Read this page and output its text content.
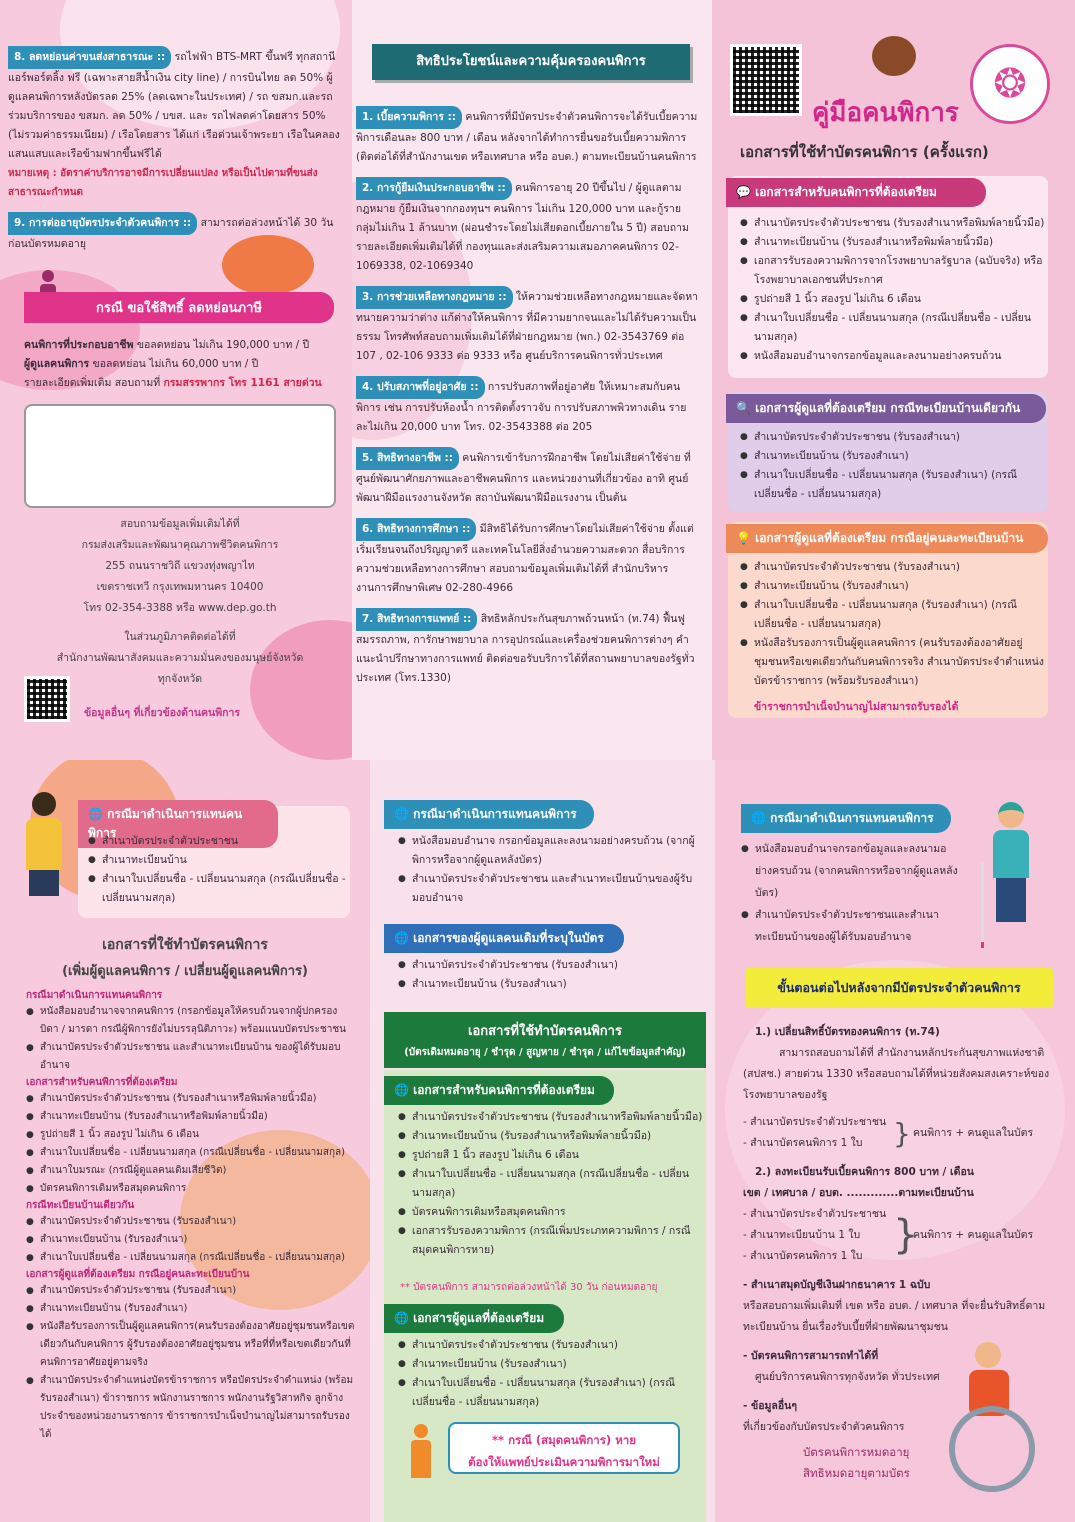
8. ลดหย่อนค่าขนส่งสาธารณะ :: รถไฟฟ้า BTS-MRT ขึ้นฟรี ทุกสถานี แอร์พอร์ตลิ้ง ฟรี (เฉพาะสายสีน้ำเงิน city line) / การบินไทย ลด 50% ผู้ดูแลคนพิการหลังบัตรลด 25% (ลดเฉพาะในประเทศ) / รถ ขสมก.และรถร่วมบริการของ ขสมก. ลด 50% / บขส. และ รถไฟลดค่าโดยสาร 50% (ไม่รวมค่าธรรมเนียม) / เรือโดยสาร ได้แก่ เรือด่วนเจ้าพระยา เรือในคลองแสนแสบและเรือข้ามฟากขึ้นฟรีได้
หมายเหตุ : อัตราค่าบริการอาจมีการเปลี่ยนแปลง หรือเป็นไปตามที่ขนส่งสาธารณะกำหนด
9. การต่ออายุบัตรประจำตัวคนพิการ :: สามารถต่อล่วงหน้าได้ 30 วัน ก่อนบัตรหมดอายุ
กรณี ขอใช้สิทธิ์ ลดหย่อนภาษี
คนพิการที่ประกอบอาชีพ ขอลดหย่อน ไม่เกิน 190,000 บาท / ปี
ผู้ดูแลคนพิการ ขอลดหย่อน ไม่เกิน 60,000 บาท / ปี
รายละเอียดเพิ่มเติม สอบถามที่ กรมสรรพากร โทร 1161 สายด่วน
สอบถามข้อมูลเพิ่มเติมได้ที่
กรมส่งเสริมและพัฒนาคุณภาพชีวิตคนพิการ
255 ถนนราชวิถี แขวงทุ่งพญาไท
เขตราชเทวี กรุงเทพมหานคร 10400
โทร 02-354-3388 หรือ www.dep.go.th
ในส่วนภูมิภาคติดต่อได้ที่
สำนักงานพัฒนาสังคมและความมั่นคงของมนุษย์จังหวัด
ทุกจังหวัด
ข้อมูลอื่นๆ ที่เกี่ยวข้องด้านคนพิการ
สิทธิประโยชน์และความคุ้มครองคนพิการ
1. เบี้ยความพิการ :: คนพิการที่มีบัตรประจำตัวคนพิการจะได้รับเบี้ยความพิการเดือนละ 800 บาท / เดือน หลังจากได้ทำการยื่นขอรับเบี้ยความพิการ (ติดต่อได้ที่สำนักงานเขต หรือเทศบาล หรือ อบต.) ตามทะเบียนบ้านคนพิการ
2. การกู้ยืมเงินประกอบอาชีพ :: คนพิการอายุ 20 ปีขึ้นไป / ผู้ดูแลตามกฎหมาย กู้ยืมเงินจากกองทุนฯ คนพิการ ไม่เกิน 120,000 บาท และกู้รายกลุ่มไม่เกิน 1 ล้านบาท (ผ่อนชำระโดยไม่เสียดอกเบี้ยภายใน 5 ปี) สอบถามรายละเอียดเพิ่มเติมได้ที่ กองทุนและส่งเสริมความเสมอภาคคนพิการ 02-1069338, 02-1069340
3. การช่วยเหลือทางกฎหมาย :: ให้ความช่วยเหลือทางกฎหมายและจัดหาทนายความว่าต่าง แก้ต่างให้คนพิการ ที่มีความยากจนและไม่ได้รับความเป็นธรรม โทรศัพท์สอบถามเพิ่มเติมได้ที่ฝ่ายกฎหมาย (พก.) 02-3543769 ต่อ 107 , 02-106 9333 ต่อ 9333 หรือ ศูนย์บริการคนพิการทั่วประเทศ
4. ปรับสภาพที่อยู่อาศัย :: การปรับสภาพที่อยู่อาศัย ให้เหมาะสมกับคนพิการ เช่น การปรับห้องน้ำ การติดตั้งราวจับ การปรับสภาพพิวทางเดิน รายละไม่เกิน 20,000 บาท โทร. 02-3543388 ต่อ 205
5. สิทธิทางอาชีพ :: คนพิการเข้ารับการฝึกอาชีพ โดยไม่เสียค่าใช้จ่าย ที่ศูนย์พัฒนาศักยภาพและอาชีพคนพิการ และหน่วยงานที่เกี่ยวข้อง อาทิ ศูนย์พัฒนาฝีมือแรงงานจังหวัด สถาบันพัฒนาฝีมือแรงงาน เป็นต้น
6. สิทธิทางการศึกษา :: มีสิทธิได้รับการศึกษาโดยไม่เสียค่าใช้จ่าย ตั้งแต่เริ่มเรียนจนถึงปริญญาตรี และเทคโนโลยีสิ่งอำนวยความสะดวก สื่อบริการความช่วยเหลือทางการศึกษา สอบถามข้อมูลเพิ่มเติมได้ที่ สำนักบริหารงานการศึกษาพิเศษ 02-280-4966
7. สิทธิทางการแพทย์ :: สิทธิหลักประกันสุขภาพถ้วนหน้า (ท.74) ฟื้นฟูสมรรถภาพ, การักษาพยาบาล การอุปกรณ์และเครื่องช่วยคนพิการต่างๆ คำแนะนำปรึกษาทางการแพทย์ ติดต่อขอรับบริการได้ที่สถานพยาบาลของรัฐทั่วประเทศ (โทร.1330)
❂
คู่มือคนพิการ
เอกสารที่ใช้ทำบัตรคนพิการ (ครั้งแรก)
💬 เอกสารสำหรับคนพิการที่ต้องเตรียม
● สำเนาบัตรประจำตัวประชาชน (รับรองสำเนาหรือพิมพ์ลายนิ้วมือ)
● สำเนาทะเบียนบ้าน (รับรองสำเนาหรือพิมพ์ลายนิ้วมือ)
● เอกสารรับรองความพิการจากโรงพยาบาลรัฐบาล (ฉบับจริง) หรือ โรงพยาบาลเอกชนที่ประกาศ
● รูปถ่ายสี 1 นิ้ว สองรูป ไม่เกิน 6 เดือน
● สำเนาใบเปลี่ยนชื่อ - เปลี่ยนนามสกุล (กรณีเปลี่ยนชื่อ - เปลี่ยนนามสกุล)
● หนังสือมอบอำนาจกรอกข้อมูลและลงนามอย่างครบถ้วน
🔍 เอกสารผู้ดูแลที่ต้องเตรียม กรณีทะเบียนบ้านเดียวกัน
● สำเนาบัตรประจำตัวประชาชน (รับรองสำเนา)
● สำเนาทะเบียนบ้าน (รับรองสำเนา)
● สำเนาใบเปลี่ยนชื่อ - เปลี่ยนนามสกุล (รับรองสำเนา) (กรณีเปลี่ยนชื่อ - เปลี่ยนนามสกุล)
💡 เอกสารผู้ดูแลที่ต้องเตรียม กรณีอยู่คนละทะเบียนบ้าน
● สำเนาบัตรประจำตัวประชาชน (รับรองสำเนา)
● สำเนาทะเบียนบ้าน (รับรองสำเนา)
● สำเนาใบเปลี่ยนชื่อ - เปลี่ยนนามสกุล (รับรองสำเนา) (กรณีเปลี่ยนชื่อ - เปลี่ยนนามสกุล)
● หนังสือรับรองการเป็นผู้ดูแลคนพิการ (คนรับรองต้องอาศัยอยู่ชุมชนหรือเขตเดียวกันกับคนพิการจริง สำเนาบัตรประจำตำแหน่งบัตรข้าราชการ (พร้อมรับรองสำเนา)
ข้าราชการบำเน็จบำนาญไม่สามารถรับรองได้
🌐 กรณีมาดำเนินการแทนคนพิการ
● สำเนาบัตรประจำตัวประชาชน
● สำเนาทะเบียนบ้าน
● สำเนาใบเปลี่ยนชื่อ - เปลี่ยนนามสกุล (กรณีเปลี่ยนชื่อ - เปลี่ยนนามสกุล)
เอกสารที่ใช้ทำบัตรคนพิการ
(เพิ่มผู้ดูแลคนพิการ / เปลี่ยนผู้ดูแลคนพิการ)
กรณีมาดำเนินการแทนคนพิการ
● หนังสือมอบอำนาจจากคนพิการ (กรอกข้อมูลให้ครบถ้วนจากผู้ปกครอง บิดา / มารดา กรณีผู้พิการยังไม่บรรลุนิติภาวะ) พร้อมแนบบัตรประชาชน
● สำเนาบัตรประจำตัวประชาชน และสำเนาทะเบียนบ้าน ของผู้ได้รับมอบอำนาจ
เอกสารสำหรับคนพิการที่ต้องเตรียม
● สำเนาบัตรประจำตัวประชาชน (รับรองสำเนาหรือพิมพ์ลายนิ้วมือ)
● สำเนาทะเบียนบ้าน (รับรองสำเนาหรือพิมพ์ลายนิ้วมือ)
● รูปถ่ายสี 1 นิ้ว สองรูป ไม่เกิน 6 เดือน
● สำเนาใบเปลี่ยนชื่อ - เปลี่ยนนามสกุล (กรณีเปลี่ยนชื่อ - เปลี่ยนนามสกุล)
● สำเนาใบมรณะ (กรณีผู้ดูแลคนเดิมเสียชีวิต)
● บัตรคนพิการเดิมหรือสมุดคนพิการ
กรณีทะเบียนบ้านเดียวกัน
● สำเนาบัตรประจำตัวประชาชน (รับรองสำเนา)
● สำเนาทะเบียนบ้าน (รับรองสำเนา)
● สำเนาใบเปลี่ยนชื่อ - เปลี่ยนนามสกุล (กรณีเปลี่ยนชื่อ - เปลี่ยนนามสกุล)
เอกสารผู้ดูแลที่ต้องเตรียม กรณีอยู่คนละทะเบียนบ้าน
● สำเนาบัตรประจำตัวประชาชน (รับรองสำเนา)
● สำเนาทะเบียนบ้าน (รับรองสำเนา)
● หนังสือรับรองการเป็นผู้ดูแลคนพิการ(คนรับรองต้องอาศัยอยู่ชุมชนหรือเขตเดียวกันกับคนพิการ ผู้รับรองต้องอาศัยอยู่ชุมชน หรือที่ที่หรือเขตเดียวกันที่คนพิการอาศัยอยู่ตามจริง
● สำเนาบัตรประจำตำแหน่งบัตรข้าราชการ หรือบัตรประจำตำแหน่ง (พร้อมรับรองสำเนา) ข้าราชการ พนักงานราชการ พนักงานรัฐวิสาหกิจ ลูกจ้างประจำของหน่วยงานราชการ ข้าราชการบำเน็จบำนาญไม่สามารถรับรองได้
🌐 กรณีมาดำเนินการแทนคนพิการ
● หนังสือมอบอำนาจ กรอกข้อมูลและลงนามอย่างครบถ้วน (จากผู้พิการหรือจากผู้ดูแลหลังบัตร)
● สำเนาบัตรประจำตัวประชาชน และสำเนาทะเบียนบ้านของผู้รับมอบอำนาจ
🌐 เอกสารของผู้ดูแลคนเดิมที่ระบุในบัตร
● สำเนาบัตรประจำตัวประชาชน (รับรองสำเนา)
● สำเนาทะเบียนบ้าน (รับรองสำเนา)
เอกสารที่ใช้ทำบัตรคนพิการ
(บัตรเดิมหมดอายุ / ชำรุด / สูญหาย / ชำรุด / แก้ไขข้อมูลสำคัญ)
🌐 เอกสารสำหรับคนพิการที่ต้องเตรียม
● สำเนาบัตรประจำตัวประชาชน (รับรองสำเนาหรือพิมพ์ลายนิ้วมือ)
● สำเนาทะเบียนบ้าน (รับรองสำเนาหรือพิมพ์ลายนิ้วมือ)
● รูปถ่ายสี 1 นิ้ว สองรูป ไม่เกิน 6 เดือน
● สำเนาใบเปลี่ยนชื่อ - เปลี่ยนนามสกุล (กรณีเปลี่ยนชื่อ - เปลี่ยนนามสกุล)
● บัตรคนพิการเดิมหรือสมุดคนพิการ
● เอกสารรับรองความพิการ (กรณีเพิ่มประเภทความพิการ / กรณีสมุดคนพิการหาย)
** บัตรคนพิการ สามารถต่อล่วงหน้าได้ 30 วัน ก่อนหมดอายุ
🌐 เอกสารผู้ดูแลที่ต้องเตรียม
● สำเนาบัตรประจำตัวประชาชน (รับรองสำเนา)
● สำเนาทะเบียนบ้าน (รับรองสำเนา)
● สำเนาใบเปลี่ยนชื่อ - เปลี่ยนนามสกุล (รับรองสำเนา) (กรณีเปลี่ยนชื่อ - เปลี่ยนนามสกุล)
** กรณี (สมุดคนพิการ) หาย
ต้องให้แพทย์ประเมินความพิการมาใหม่
🌐 กรณีมาดำเนินการแทนคนพิการ
● หนังสือมอบอำนาจกรอกข้อมูลและลงนามอย่างครบถ้วน (จากคนพิการหรือจากผู้ดูแลหลังบัตร)
● สำเนาบัตรประจำตัวประชาชนและสำเนาทะเบียนบ้านของผู้ได้รับมอบอำนาจ
ขั้นตอนต่อไปหลังจากมีบัตรประจำตัวคนพิการ
1.) เปลี่ยนสิทธิ์บัตรทองคนพิการ (ท.74)
สามารถสอบถามได้ที่ สำนักงานหลักประกันสุขภาพแห่งชาติ (สปสช.) สายด่วน 1330 หรือสอบถามได้ที่หน่วยสังคมสงเคราะห์ของโรงพยาบาลของรัฐ
- สำเนาบัตรประจำตัวประชาชน
- สำเนาบัตรคนพิการ 1 ใบ	} คนพิการ + คนดูแลในบัตร
2.) ลงทะเบียนรับเบี้ยคนพิการ 800 บาท / เดือน
เขต / เทศบาล / อบต. .............ตามทะเบียนบ้าน
- สำเนาบัตรประจำตัวประชาชน
- สำเนาทะเบียนบ้าน 1 ใบ
- สำเนาบัตรคนพิการ 1 ใบ }
คนพิการ + คนดูแลในบัตร
- สำเนาสมุดบัญชีเงินฝากธนาคาร 1 ฉบับ
หรือสอบถามเพิ่มเติมที่ เขต หรือ อบต. / เทศบาล ที่จะยื่นรับสิทธิ์ตามทะเบียนบ้าน ยื่นเรื่องรับเบี้ยที่ฝ่ายพัฒนาชุมชน
- บัตรคนพิการสามารถทำได้ที่
ศูนย์บริการคนพิการทุกจังหวัด ทั่วประเทศ
- ข้อมูลอื่นๆ
ที่เกี่ยวข้องกับบัตรประจำตัวคนพิการ
บัตรคนพิการหมดอายุ
สิทธิหมดอายุตามบัตร
